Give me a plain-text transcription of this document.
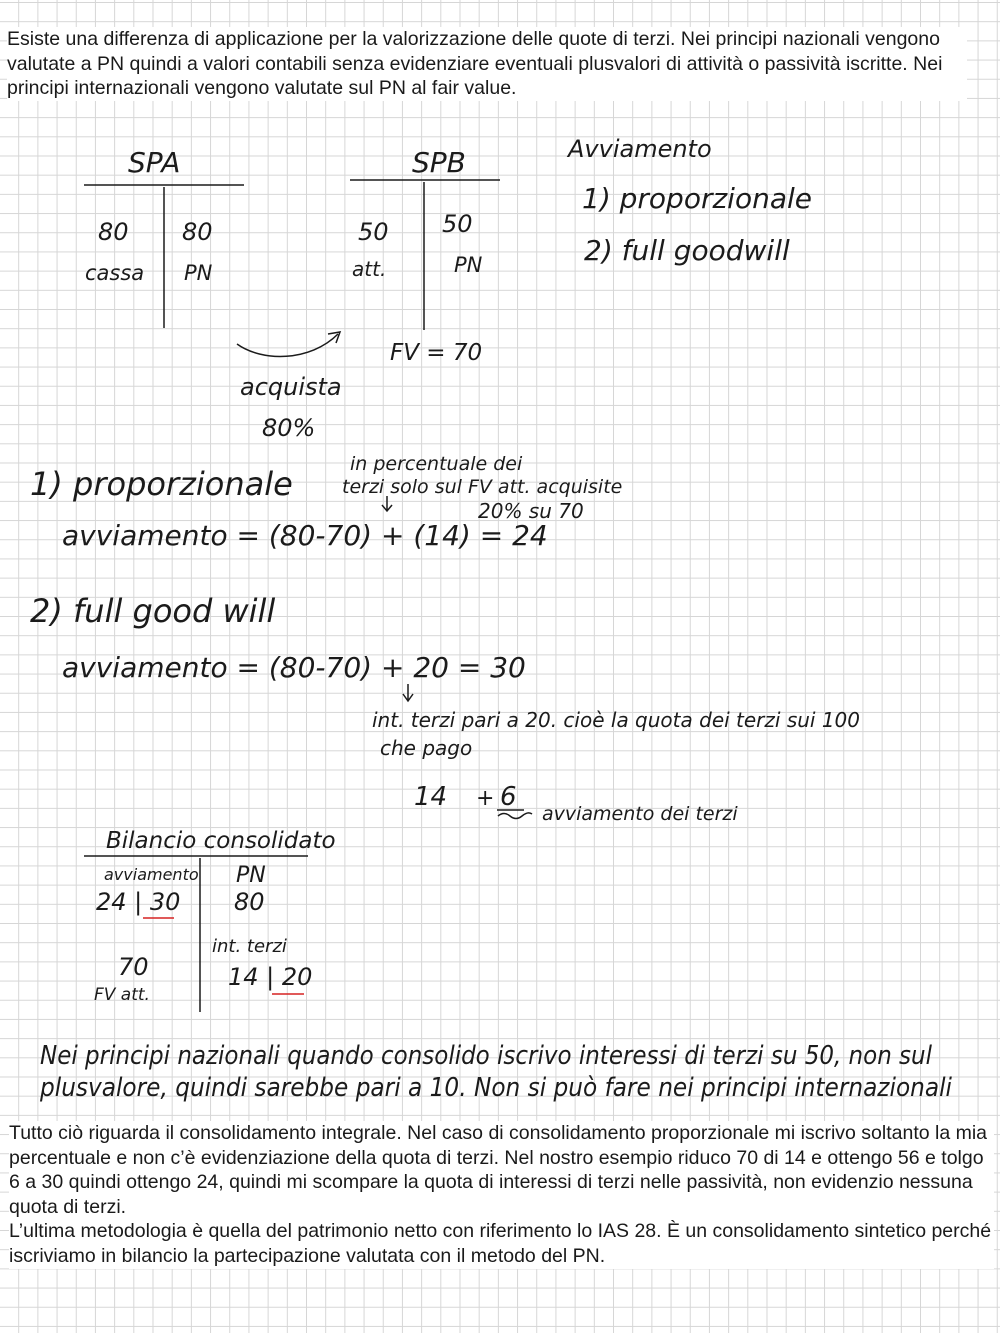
Esiste una differenza di applicazione per la valorizzazione delle quote di terzi. Nei principi nazionali vengono valutate a PN quindi a valori contabili senza evidenziare eventuali plusvalori di attività o passività iscritte. Nei principi internazionali vengono valutate sul PN al fair value.
SPA
80
cassa
80
PN
acquista
80%
SPB
50
att.
50
PN
FV = 70
Avviamento
1) proporzionale
2) full goodwill
in percentuale dei
terzi solo sul FV att. acquisite
20% su 70
1) proporzionale
avviamento = (80-70) + (14) = 24
2) full good will
avviamento = (80-70) + 20 = 30
int. terzi pari a 20. cioè la quota dei terzi sui 100
che pago
14 + 6
avviamento dei terzi
Bilancio consolidato
avviamento
24 | 30
PN
80
int. terzi
14 | 20
70
FV att.
Nei principi nazionali quando consolido iscrivo interessi di terzi su 50, non sul
plusvalore, quindi sarebbe pari a 10. Non si può fare nei principi internazionali

Tutto ciò riguarda il consolidamento integrale. Nel caso di consolidamento proporzionale mi iscrivo soltanto la mia percentuale e non c’è evidenziazione della quota di terzi. Nel nostro esempio riduco 70 di 14 e ottengo 56 e tolgo 6 a 30 quindi ottengo 24, quindi mi scompare la quota di interessi di terzi nelle passività, non evidenzio nessuna quota di terzi.

L’ultima metodologia è quella del patrimonio netto con riferimento lo IAS 28. È un consolidamento sintetico perché iscriviamo in bilancio la partecipazione valutata con il metodo del PN.
